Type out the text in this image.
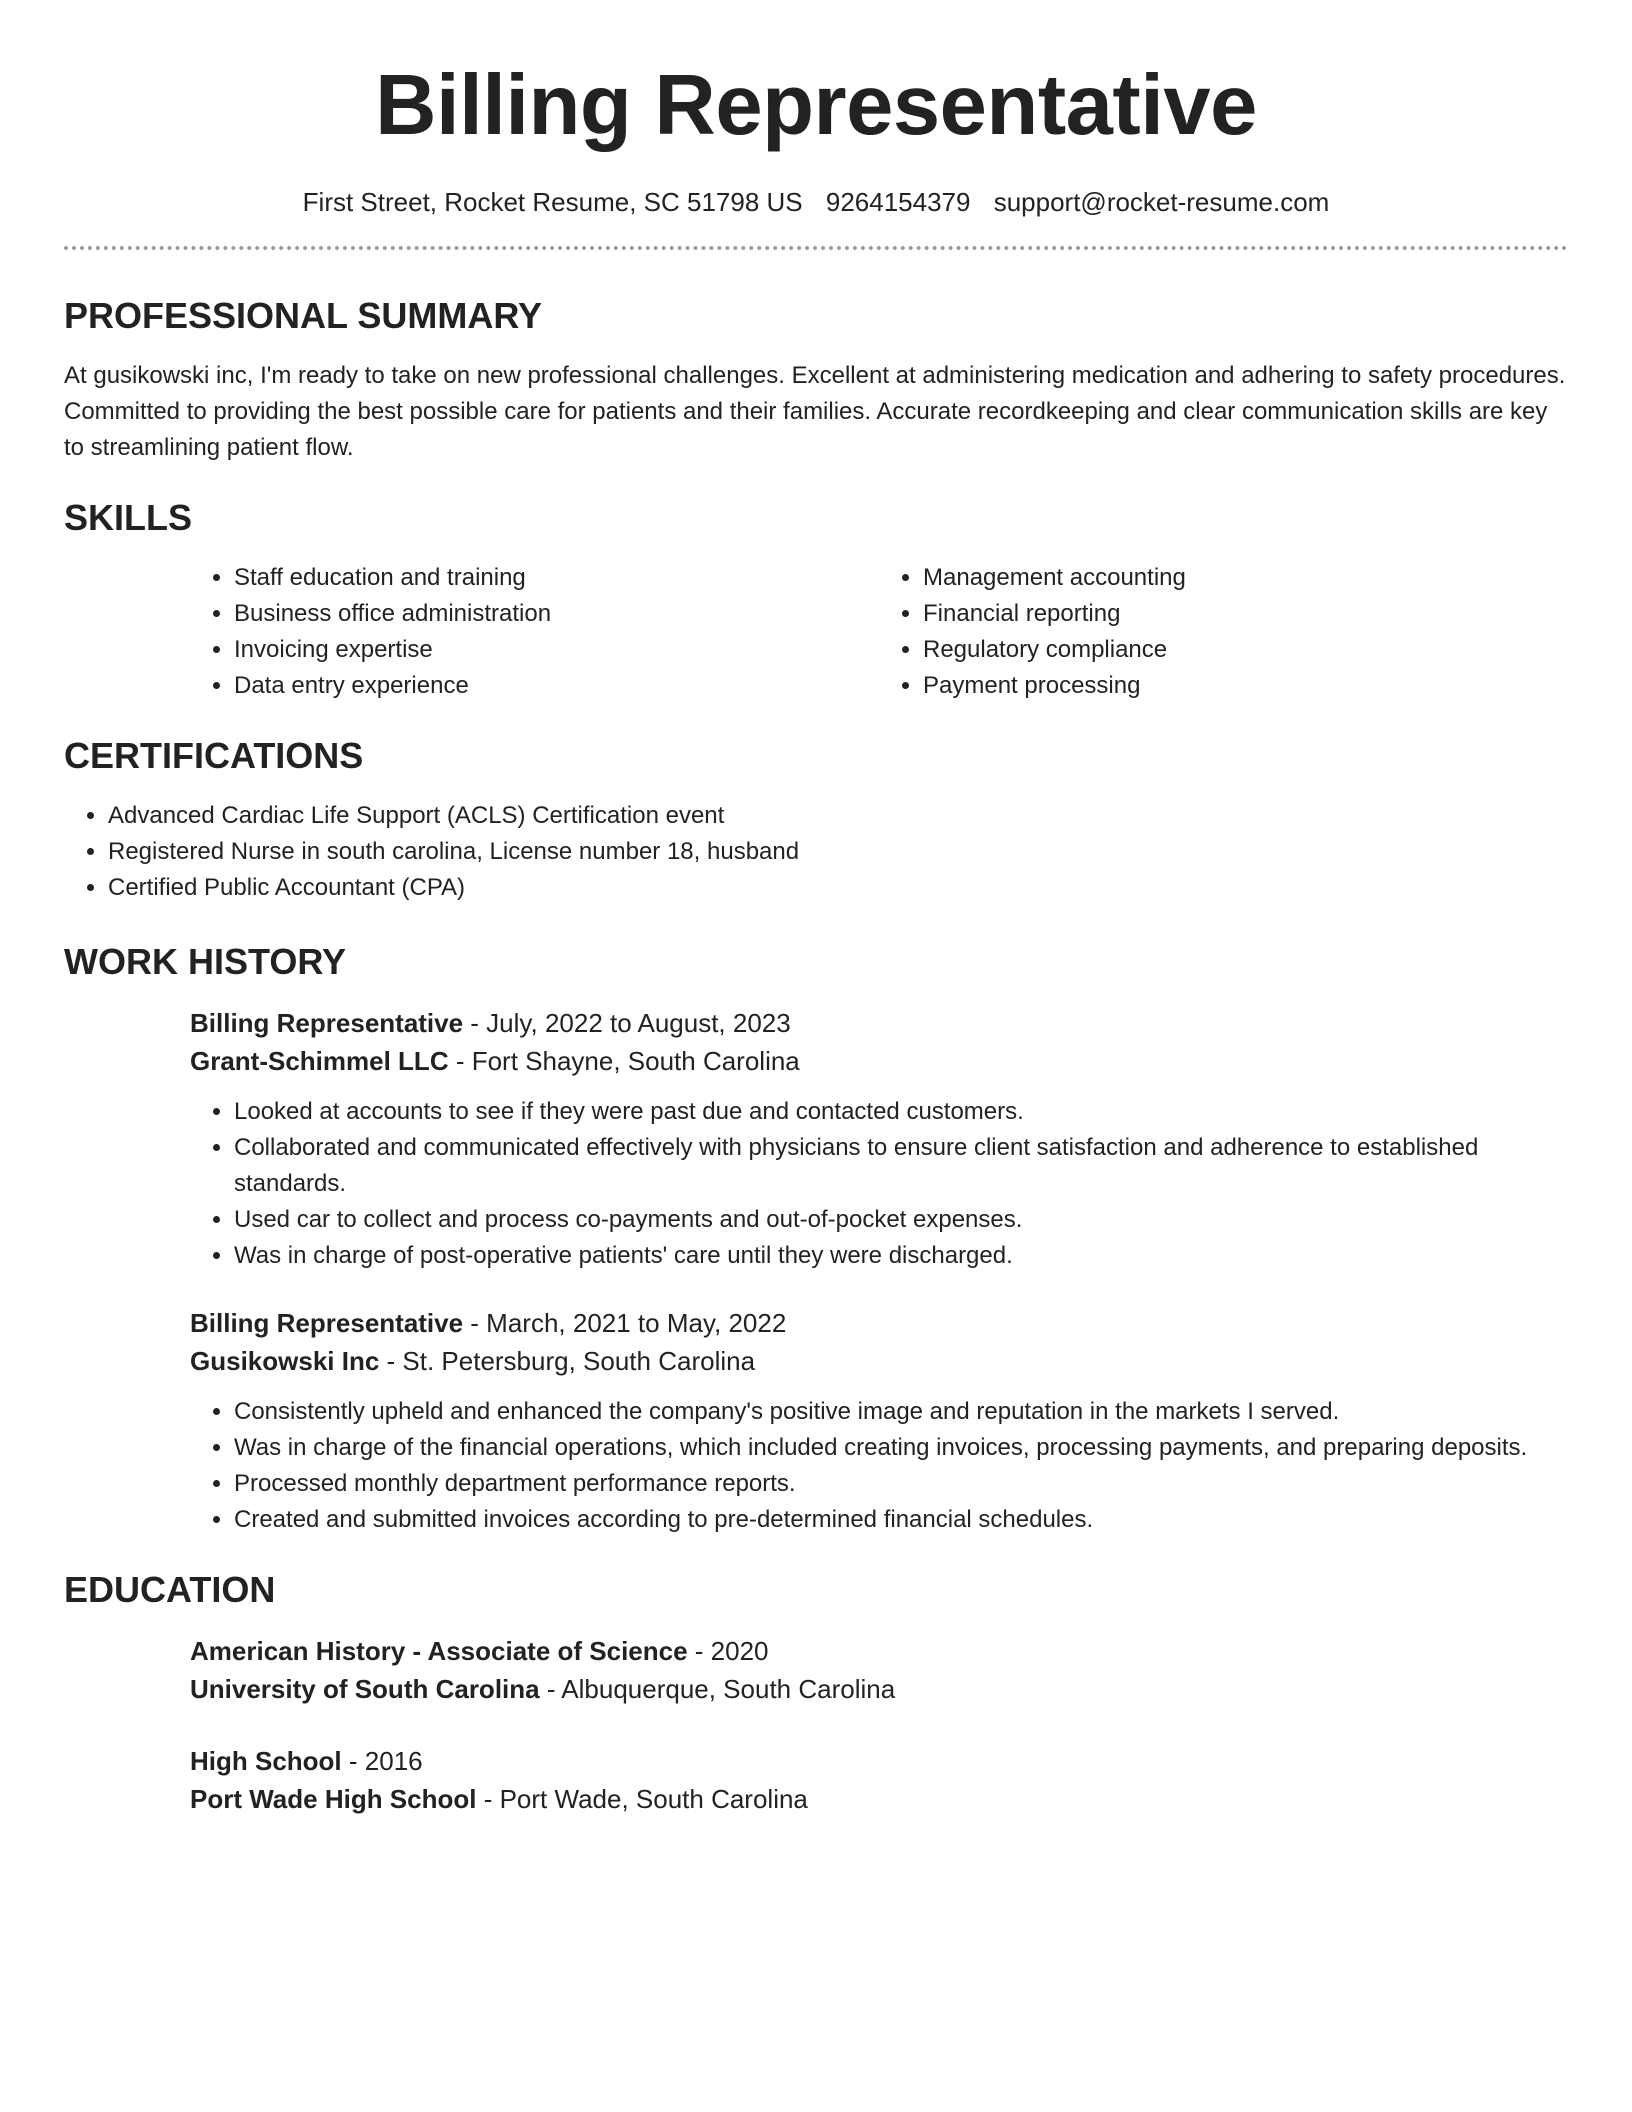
Billing Representative
First Street, Rocket Resume, SC 51798 US 9264154379 support@rocket-resume.com
PROFESSIONAL SUMMARY

At gusikowski inc, I'm ready to take on new professional challenges. Excellent at administering medication and adhering to safety procedures. Committed to providing the best possible care for patients and their families. Accurate recordkeeping and clear communication skills are key to streamlining patient flow.

SKILLS
• Staff education and training
• Business office administration
• Invoicing expertise
• Data entry experience
• Management accounting
• Financial reporting
• Regulatory compliance
• Payment processing
CERTIFICATIONS
• Advanced Cardiac Life Support (ACLS) Certification event
• Registered Nurse in south carolina, License number 18, husband
• Certified Public Accountant (CPA)
WORK HISTORY

Billing Representative - July, 2022 to August, 2023

Grant-Schimmel LLC - Fort Shayne, South Carolina

• Looked at accounts to see if they were past due and contacted customers.
• Collaborated and communicated effectively with physicians to ensure client satisfaction and adherence to established standards.
• Used car to collect and process co-payments and out-of-pocket expenses.
• Was in charge of post-operative patients' care until they were discharged.

Billing Representative - March, 2021 to May, 2022

Gusikowski Inc - St. Petersburg, South Carolina

• Consistently upheld and enhanced the company's positive image and reputation in the markets I served.
• Was in charge of the financial operations, which included creating invoices, processing payments, and preparing deposits.
• Processed monthly department performance reports.
• Created and submitted invoices according to pre-determined financial schedules.
EDUCATION

American History - Associate of Science - 2020

University of South Carolina - Albuquerque, South Carolina

High School - 2016

Port Wade High School - Port Wade, South Carolina
